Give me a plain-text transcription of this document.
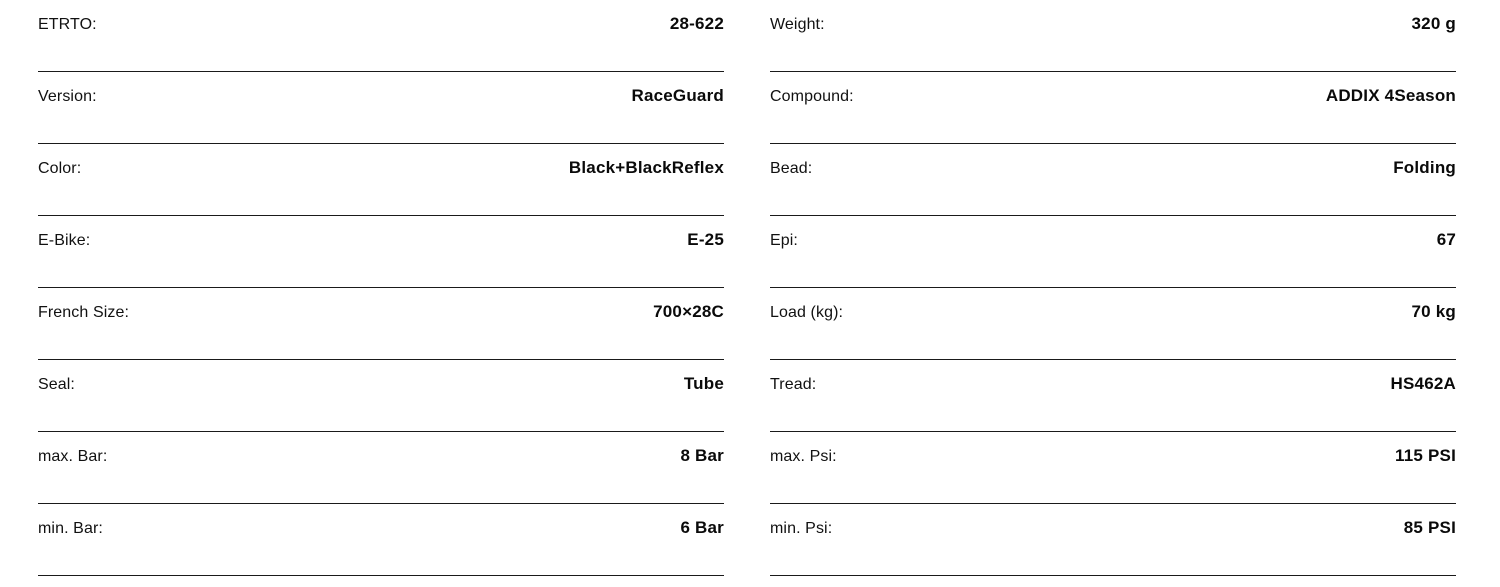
ETRTO:	28-622
Version:	RaceGuard
Color:	Black+BlackReflex
E-Bike:	E-25
French Size:	700×28C
Seal:	Tube
max. Bar:	8 Bar
min. Bar:	6 Bar
Weight:	320 g
Compound:	ADDIX 4Season
Bead:	Folding
Epi:	67
Load (kg):	70 kg
Tread:	HS462A
max. Psi:	115 PSI
min. Psi:	85 PSI
